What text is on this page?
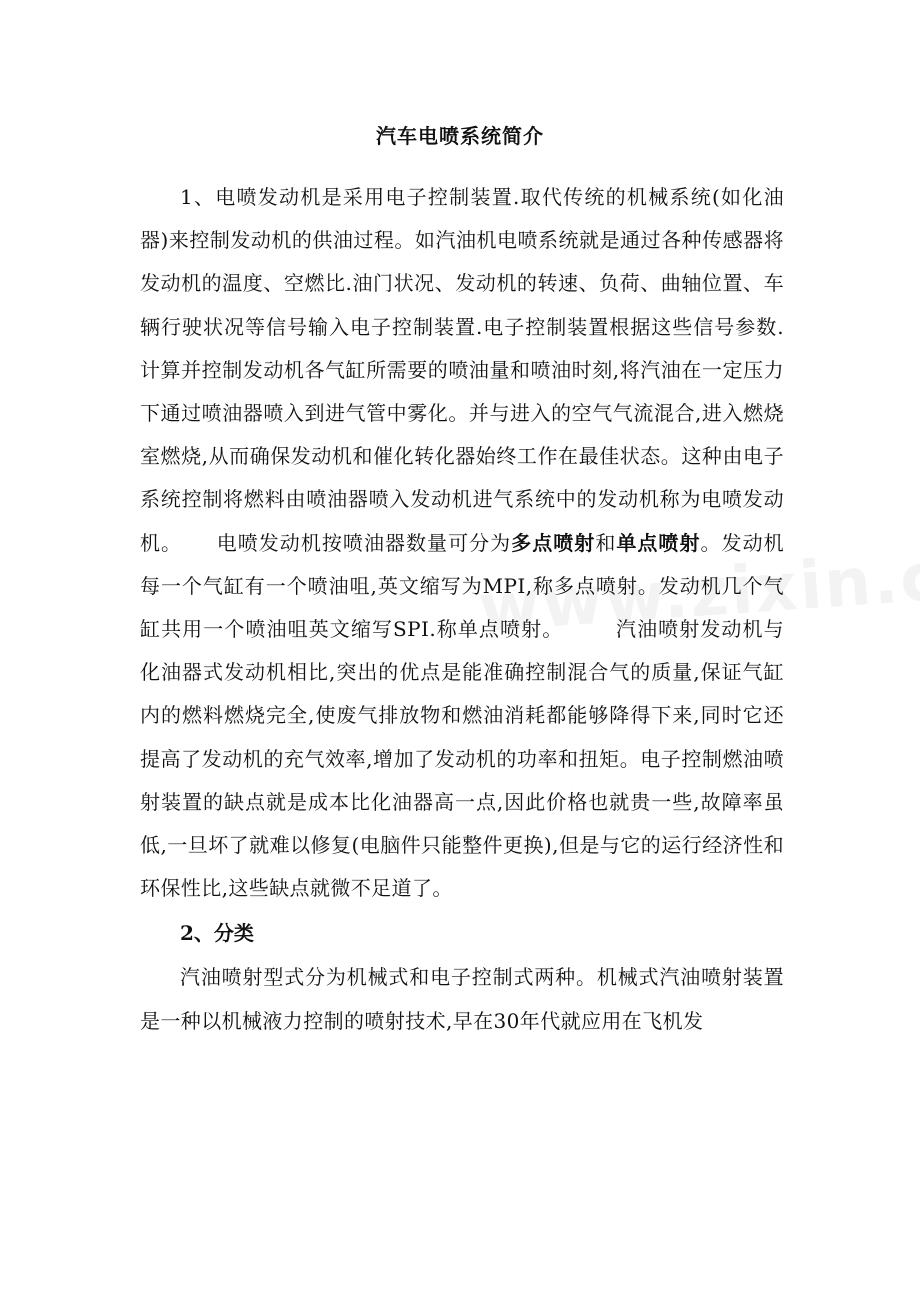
汽车电喷系统简介

1、电喷发动机是采用电子控制装置.取代传统的机械系统(如化油器)来控制发动机的供油过程。如汽油机电喷系统就是通过各种传感器将发动机的温度、空燃比.油门状况、发动机的转速、负荷、曲轴位置、车辆行驶状况等信号输入电子控制装置.电子控制装置根据这些信号参数.计算并控制发动机各气缸所需要的喷油量和喷油时刻,将汽油在一定压力下通过喷油器喷入到进气管中雾化。并与进入的空气气流混合,进入燃烧室燃烧,从而确保发动机和催化转化器始终工作在最佳状态。这种由电子系统控制将燃料由喷油器喷入发动机进气系统中的发动机称为电喷发动机。 电喷发动机按喷油器数量可分为多点喷射和单点喷射。发动机每一个气缸有一个喷油咀,英文缩写为MPI,称多点喷射。发动机几个气缸共用一个喷油咀英文缩写SPI.称单点喷射。	汽油喷射发动机与化油器式发动机相比,突出的优点是能准确控制混合气的质量,保证气缸内的燃料燃烧完全,使废气排放物和燃油消耗都能够降得下来,同时它还提高了发动机的充气效率,增加了发动机的功率和扭矩。电子控制燃油喷射装置的缺点就是成本比化油器高一点,因此价格也就贵一些,故障率虽低,一旦坏了就难以修复(电脑件只能整件更换),但是与它的运行经济性和环保性比,这些缺点就微不足道了。

2、分类

汽油喷射型式分为机械式和电子控制式两种。机械式汽油喷射装置是一种以机械液力控制的喷射技术,早在30年代就应用在飞机发
